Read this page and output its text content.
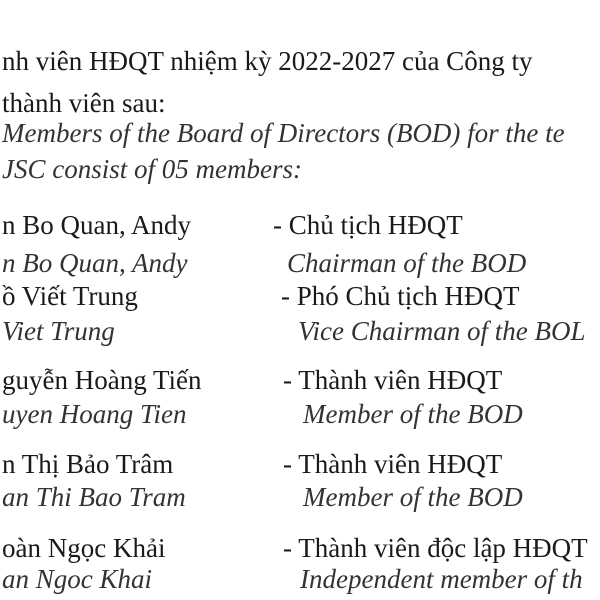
nh viên HĐQT nhiệm kỳ 2022-2027 của Công ty
thành viên sau:
Members of the Board of Directors (BOD) for the te
JSC consist of 05 members:
n Bo Quan, Andy
n Bo Quan, Andy
- Chủ tịch HĐQT
Chairman of the BOD
ồ Viết Trung
Viet Trung
- Phó Chủ tịch HĐQT
Vice Chairman of the BOL
guyễn Hoàng Tiến
uyen Hoang Tien
- Thành viên HĐQT
Member of the BOD
n Thị Bảo Trâm
an Thi Bao Tram
- Thành viên HĐQT
Member of the BOD
oàn Ngọc Khải
an Ngoc Khai
- Thành viên độc lập HĐQT
Independent member of th
